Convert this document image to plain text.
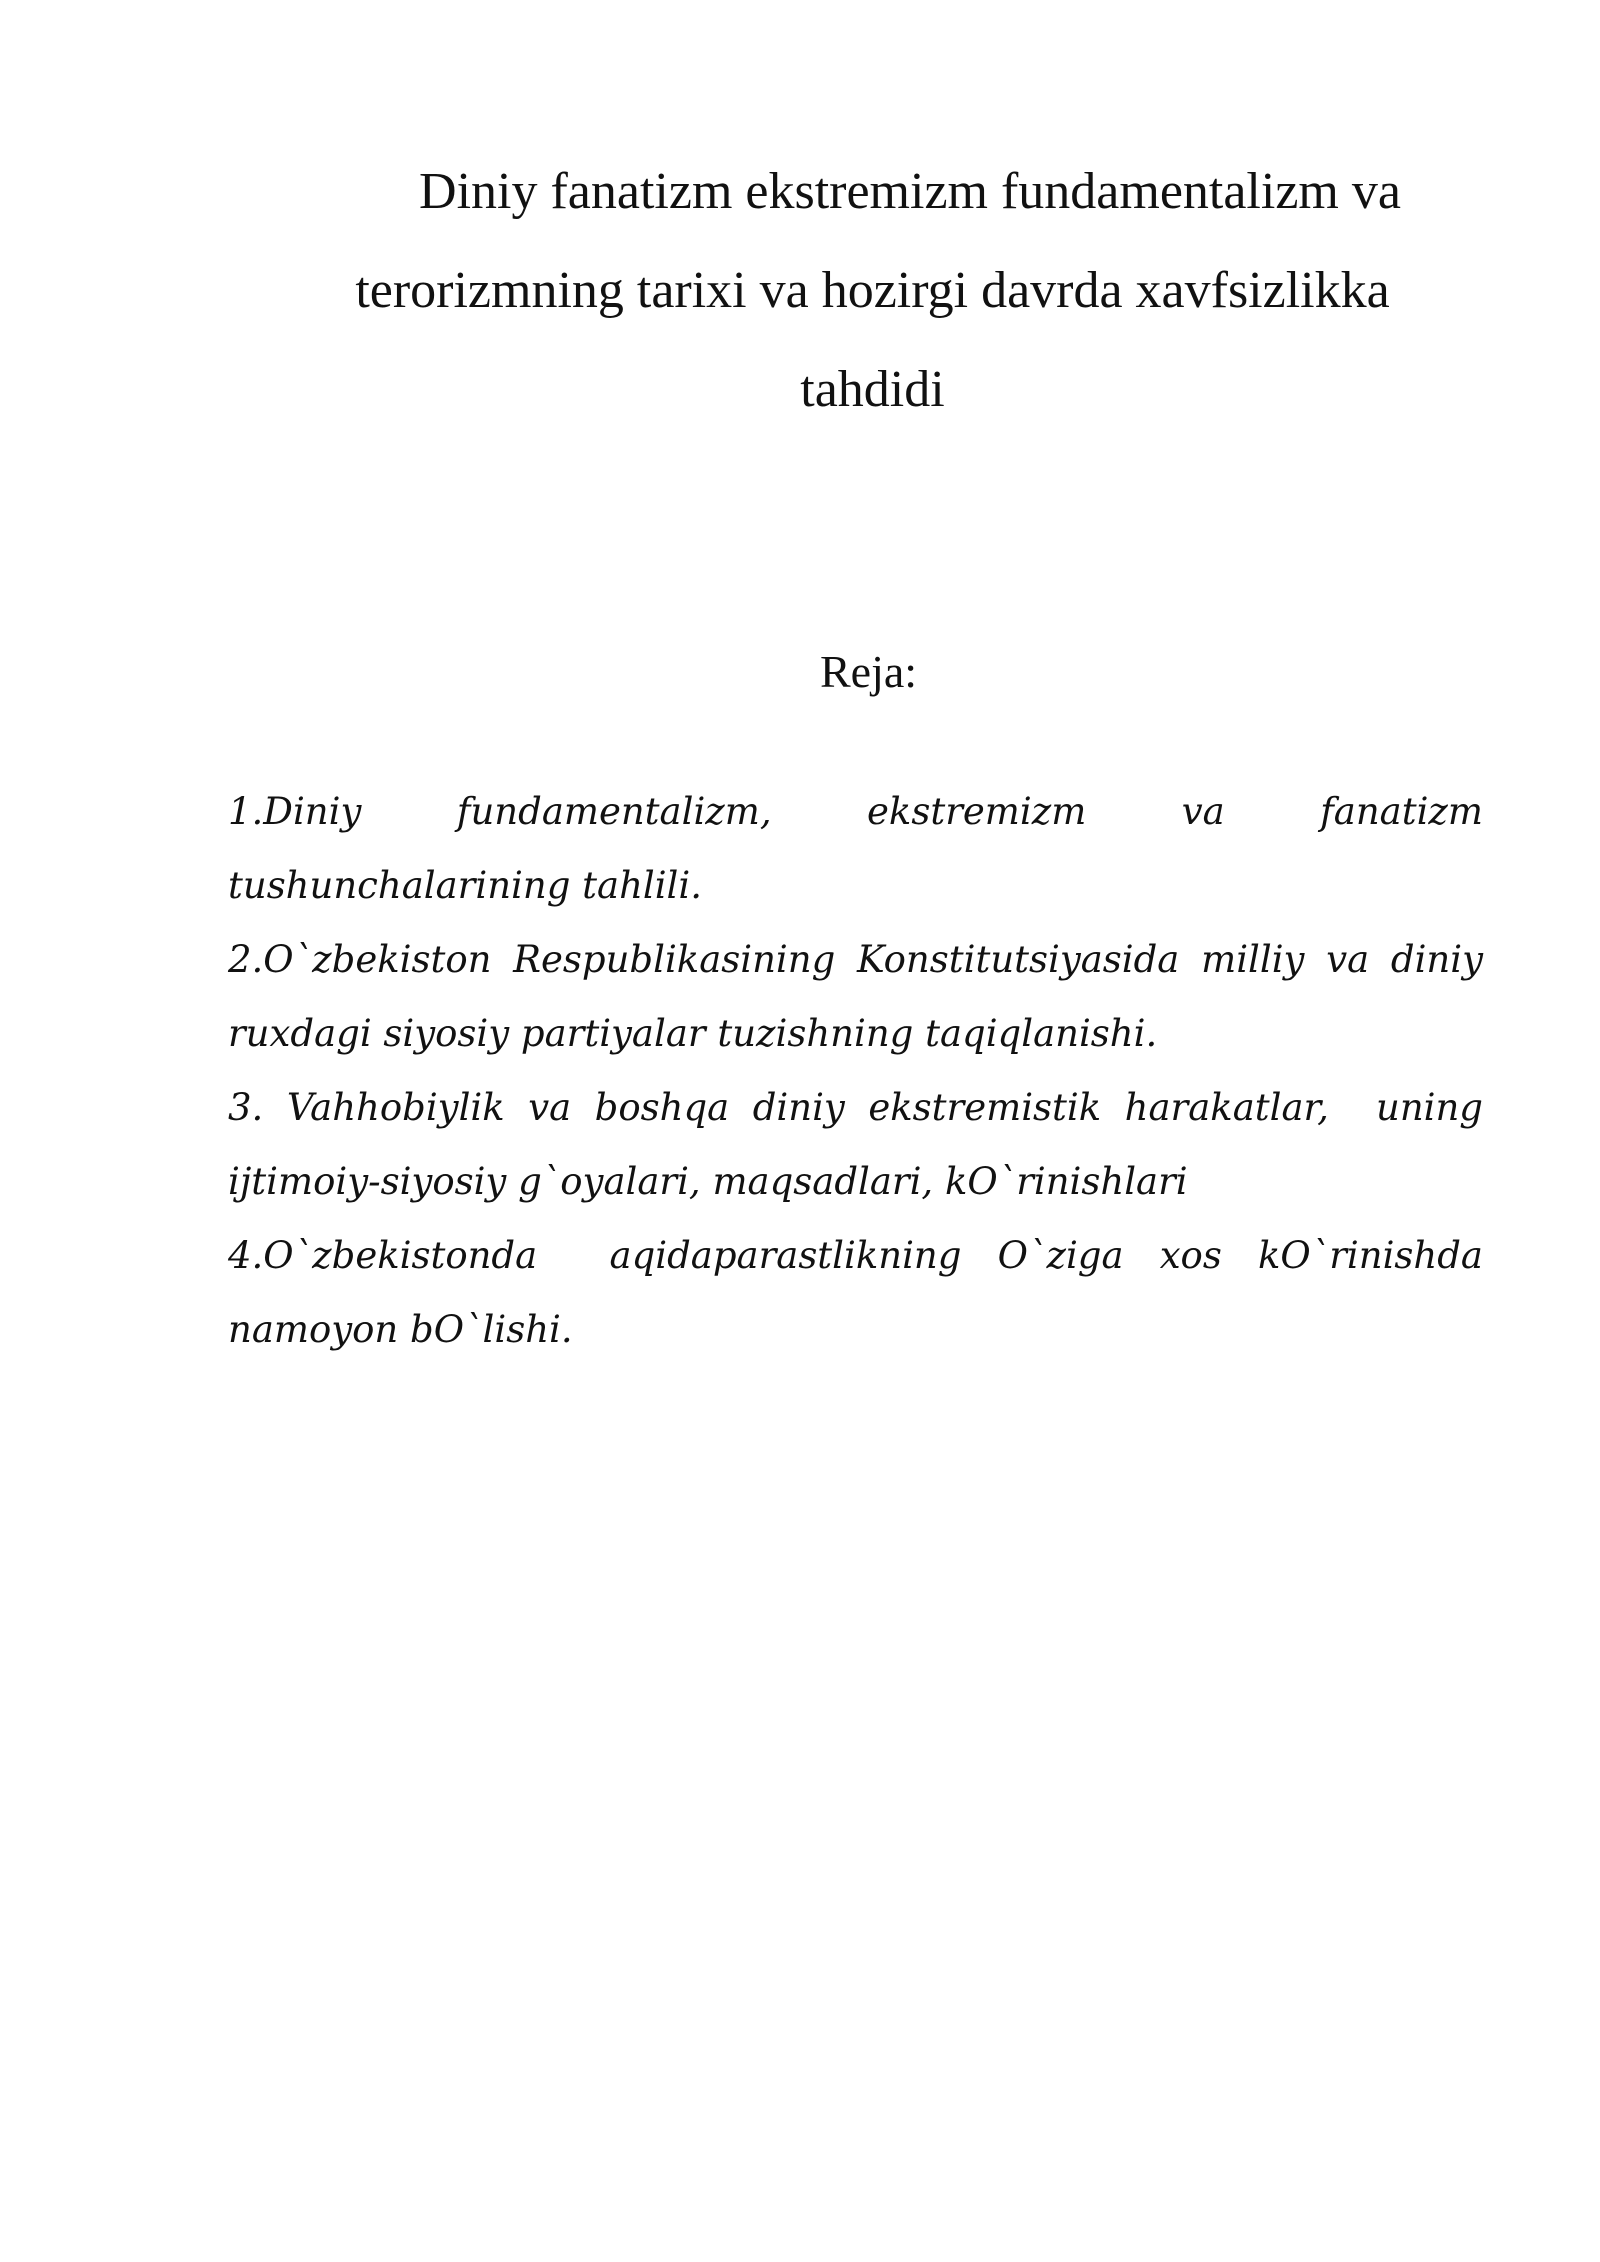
Diniy fanatizm ekstremizm fundamentalizm va
terorizmning tarixi va hozirgi davrda xavfsizlikka
tahdidi
Reja:
1.Diniy fundamentalizm, ekstremizm va fanatizm tushunchalarining tahlili.
2.O`zbekiston Respublikasining Konstitutsiyasida milliy va diniy ruxdagi siyosiy partiyalar tuzishning taqiqlanishi.
3. Vahhobiylik va boshqa diniy ekstremistik harakatlar,  uning ijtimoiy-siyosiy g`oyalari, maqsadlari, kO`rinishlari
4.O`zbekistonda  aqidaparastlikning O`ziga xos kO`rinishda namoyon bO`lishi.
